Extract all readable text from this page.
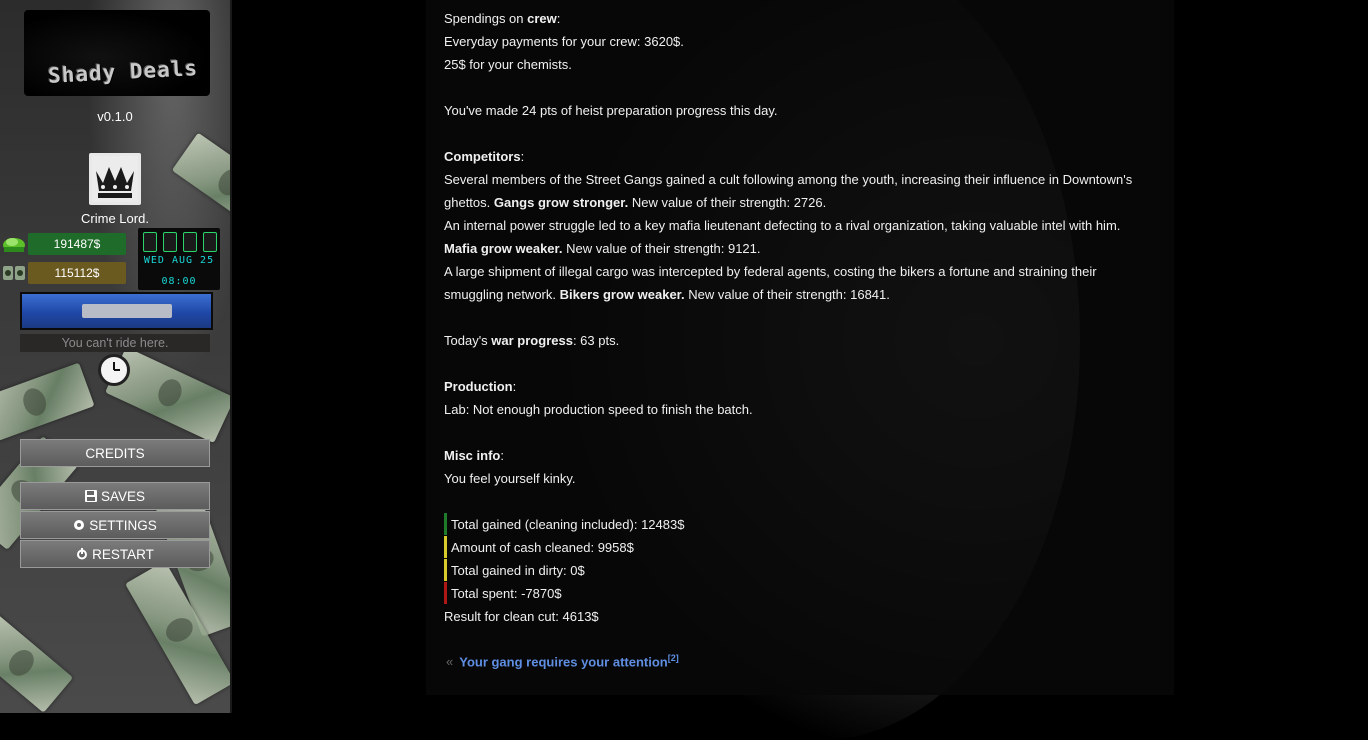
Shady Deals
v0.1.0
Crime Lord.
191487$
115112$
WED AUG 25
08:00
You can't ride here.
CREDITS
SAVES
SETTINGS
RESTART
Spendings on crew:
Everyday payments for your crew: 3620$.
25$ for your chemists.
You've made 24 pts of heist preparation progress this day.
Competitors:
Several members of the Street Gangs gained a cult following among the youth, increasing their influence in Downtown's
ghettos. Gangs grow stronger. New value of their strength: 2726.
An internal power struggle led to a key mafia lieutenant defecting to a rival organization, taking valuable intel with him.
Mafia grow weaker. New value of their strength: 9121.
A large shipment of illegal cargo was intercepted by federal agents, costing the bikers a fortune and straining their
smuggling network. Bikers grow weaker. New value of their strength: 16841.
Today's war progress: 63 pts.
Production:
Lab: Not enough production speed to finish the batch.
Misc info:
You feel yourself kinky.
Total gained (cleaning included): 12483$
Amount of cash cleaned: 9958$
Total gained in dirty: 0$
Total spent: -7870$
Result for clean cut: 4613$
« Your gang requires your attention[2]
